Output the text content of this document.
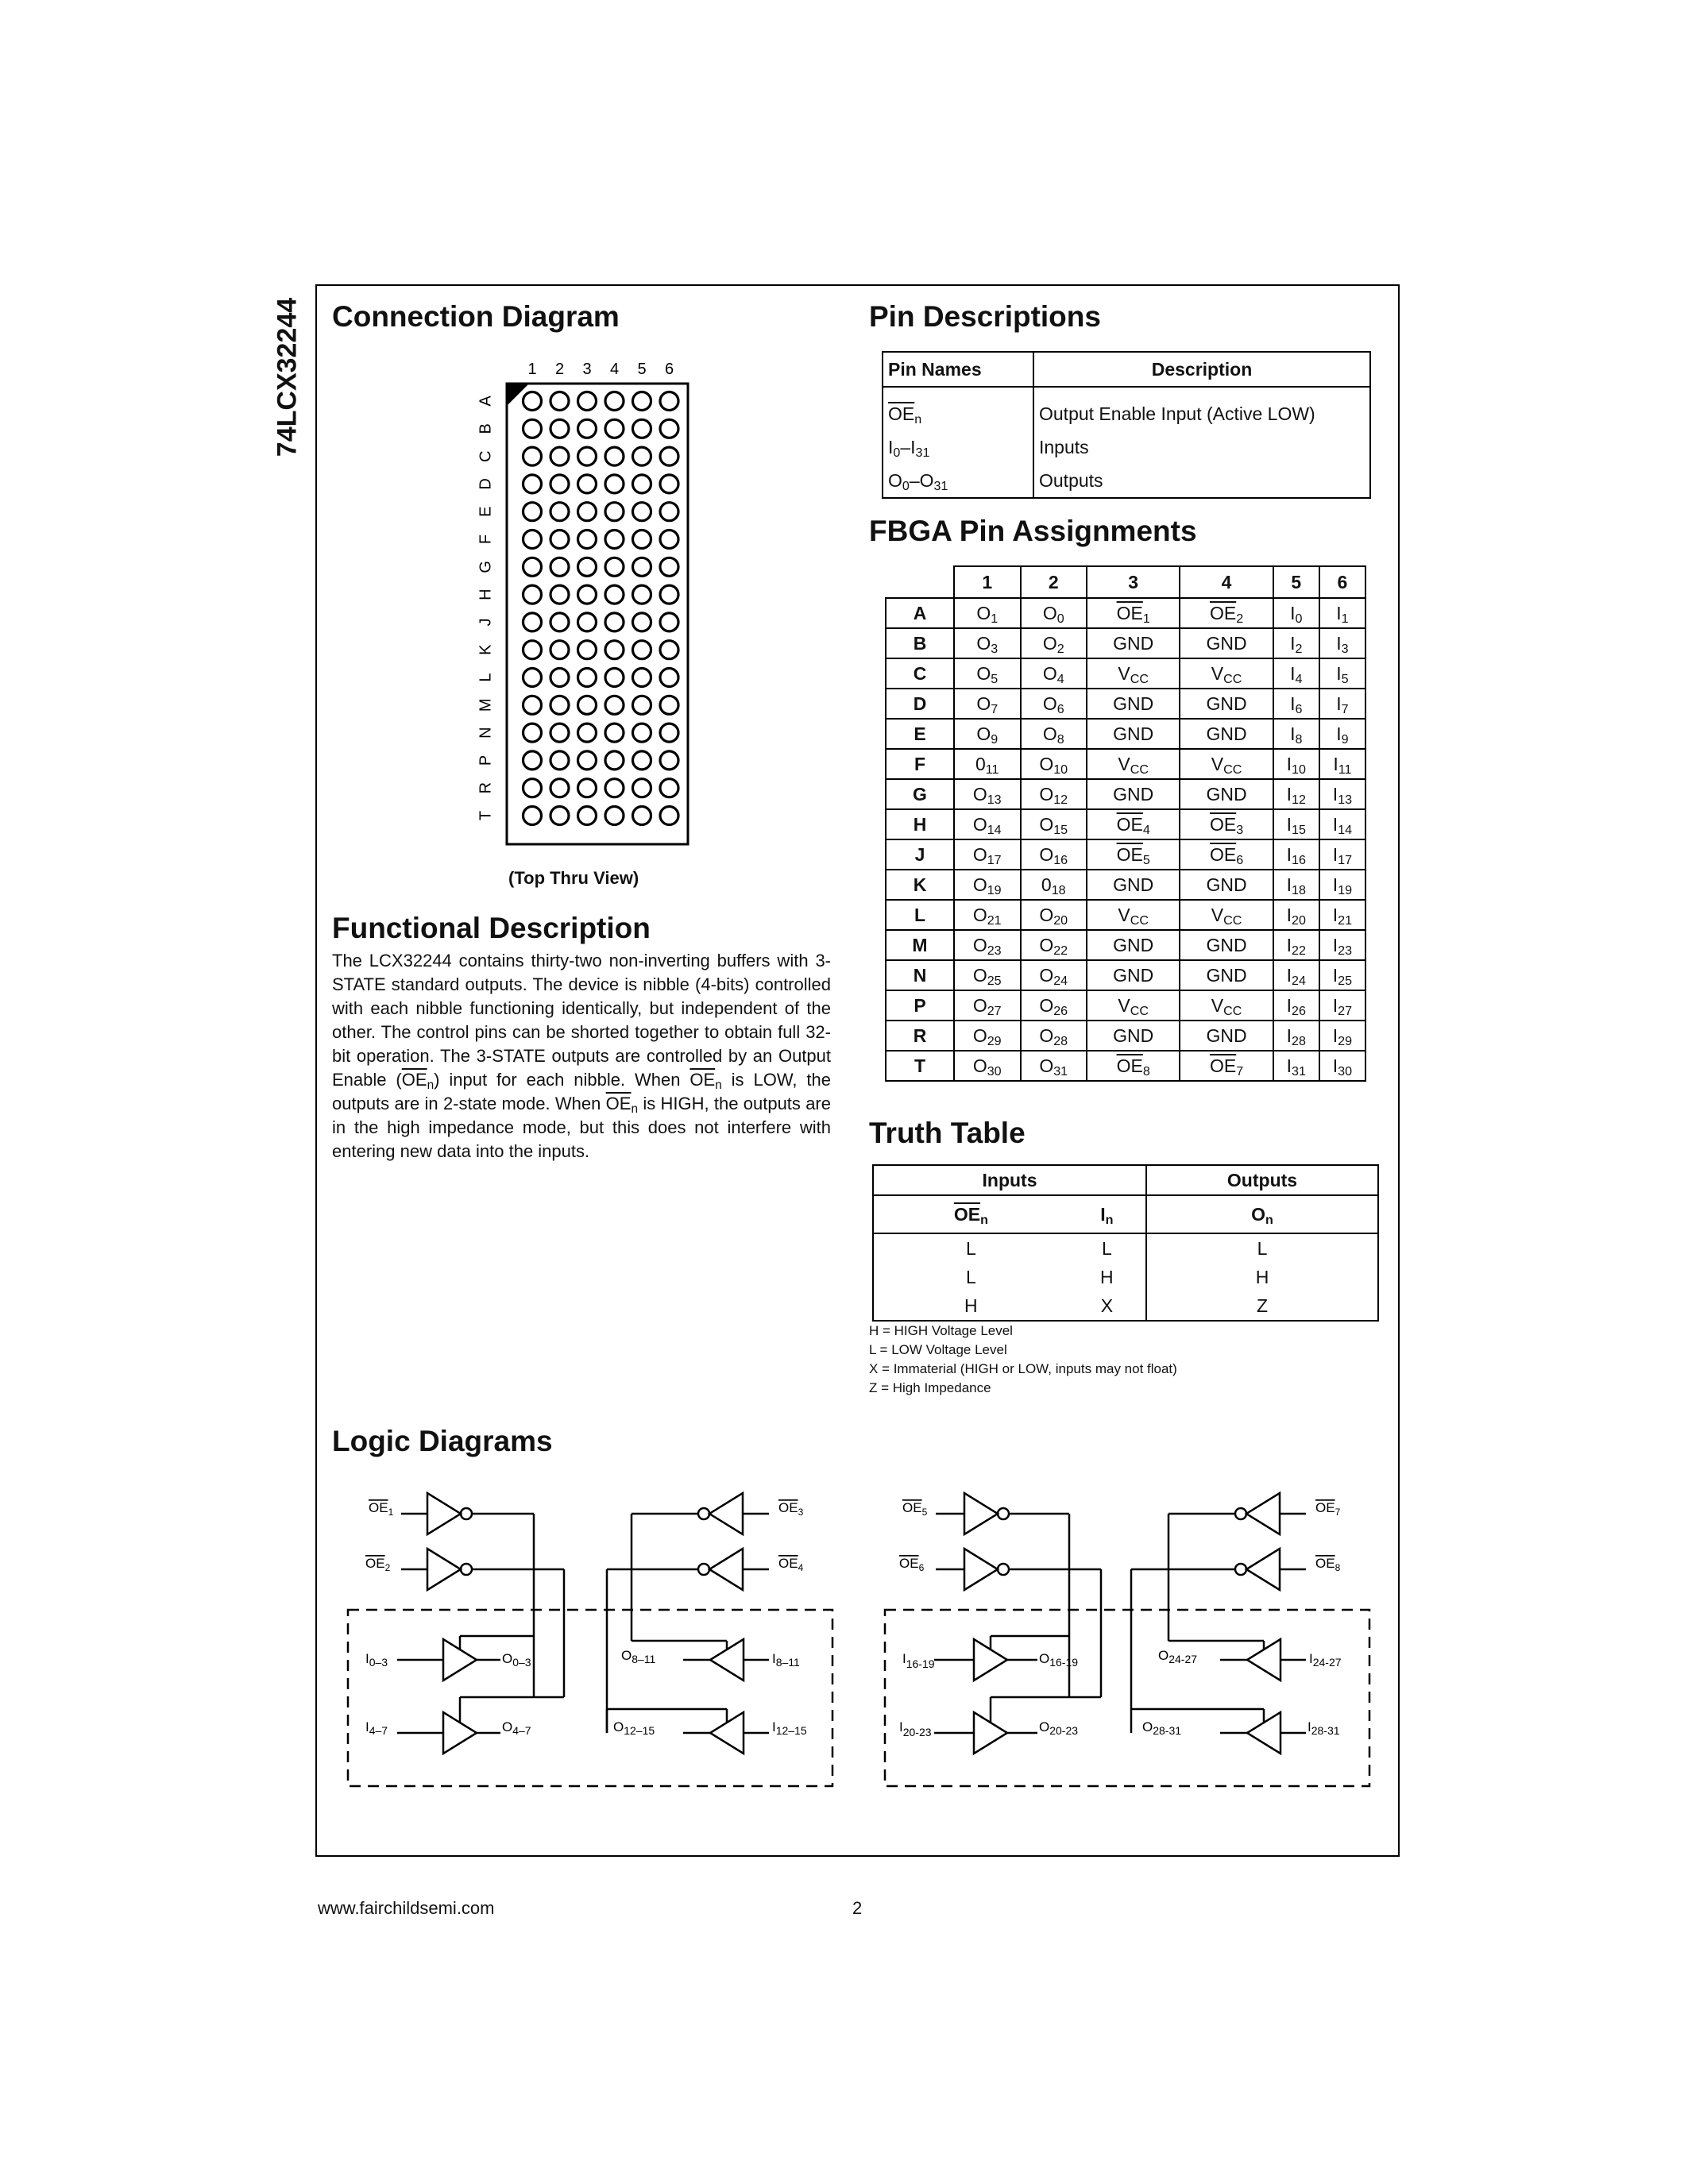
74LCX32244 Connection Diagram
1 2 3 4 5 6
A
B
C
D
E
F
G
H
J
K
L
M
N
P
R
T
(Top Thru View)
Functional Description
The LCX32244 contains thirty-two non-inverting buffers with 3-STATE standard outputs. The device is nibble (4-bits) controlled with each nibble functioning identically, but independent of the other. The control pins can be shorted together to obtain full 32-bit operation. The 3-STATE outputs are controlled by an Output Enable $(\overline{OE}_n)$ input for each nibble. When $\overline{OE}_n$ is LOW, the outputs are in 2-state mode. When $\overline{OE}_n$ is HIGH, the outputs are in the high impedance mode, but this does not interfere with entering new data into the inputs.
Pin Descriptions
Pin Names	Description
$\overline{OE}_n$	Output Enable Input (Active LOW)
$I_0-I_{31}$	Inputs
$O_0-O_{31}$	Outputs
FBGA Pin Assignments
	1	2	3	4	5	6
A	$O_1$	$O_0$	$\overline{OE}_1$	$\overline{OE}_2$	$I_0$	$I_1$
B	$O_3$	$O_2$	GND	GND	$I_2$	$I_3$
C	$O_5$	$O_4$	$V_{CC}$	$V_{CC}$	$I_4$	$I_5$
D	$O_7$	$O_6$	GND	GND	$I_6$	$I_7$
E	$O_9$	$O_8$	GND	GND	$I_8$	$I_9$
F	$0_{11}$	$O_{10}$	$V_{CC}$	$V_{CC}$	$I_{10}$	$I_{11}$
G	$O_{13}$	$O_{12}$	GND	GND	$I_{12}$	$I_{13}$
H	$O_{14}$	$O_{15}$	$\overline{OE}_4$	$\overline{OE}_3$	$I_{15}$	$I_{14}$
J	$O_{17}$	$O_{16}$	$\overline{OE}_5$	$\overline{OE}_6$	$I_{16}$	$I_{17}$
K	$O_{19}$	$0_{18}$	GND	GND	$I_{18}$	$I_{19}$
L	$O_{21}$	$O_{20}$	$V_{CC}$	$V_{CC}$	$I_{20}$	$I_{21}$
M	$O_{23}$	$O_{22}$	GND	GND	$I_{22}$	$I_{23}$
N	$O_{25}$	$O_{24}$	GND	GND	$I_{24}$	$I_{25}$
P	$O_{27}$	$O_{26}$	$V_{CC}$	$V_{CC}$	$I_{26}$	$I_{27}$
R	$O_{29}$	$O_{28}$	GND	GND	$I_{28}$	$I_{29}$
T	$O_{30}$	$O_{31}$	$\overline{OE}_8$	$\overline{OE}_7$	$I_{31}$	$I_{30}$
Truth Table
Inputs		Outputs
$\overline{OE}_n$	$I_n$	$O_n$
L	L	L
L	H	H
H	X	Z
H = HIGH Voltage Level
L = LOW Voltage Level
X = Immaterial (HIGH or LOW, inputs may not float)
Z = High Impedance
Logic Diagrams
$OE_1$
$OE_2$
$OE_3$
$OE_4$
$I_{0-3}$	$O_{0-3}$
$I_{4-7}$	$O_{4-7}$
$O_{8-11}$	$I_{8-11}$
$O_{12-15}$	$I_{12-15}$
$OE_5$
$OE_6$
$OE_7$
$OE_8$
$I_{16-19}$	$O_{16-19}$
$I_{20-23}$	$O_{20-23}$
$O_{24-27}$	$I_{24-27}$
$O_{28-31}$	$I_{28-31}$
www.fairchildsemi.com	2
